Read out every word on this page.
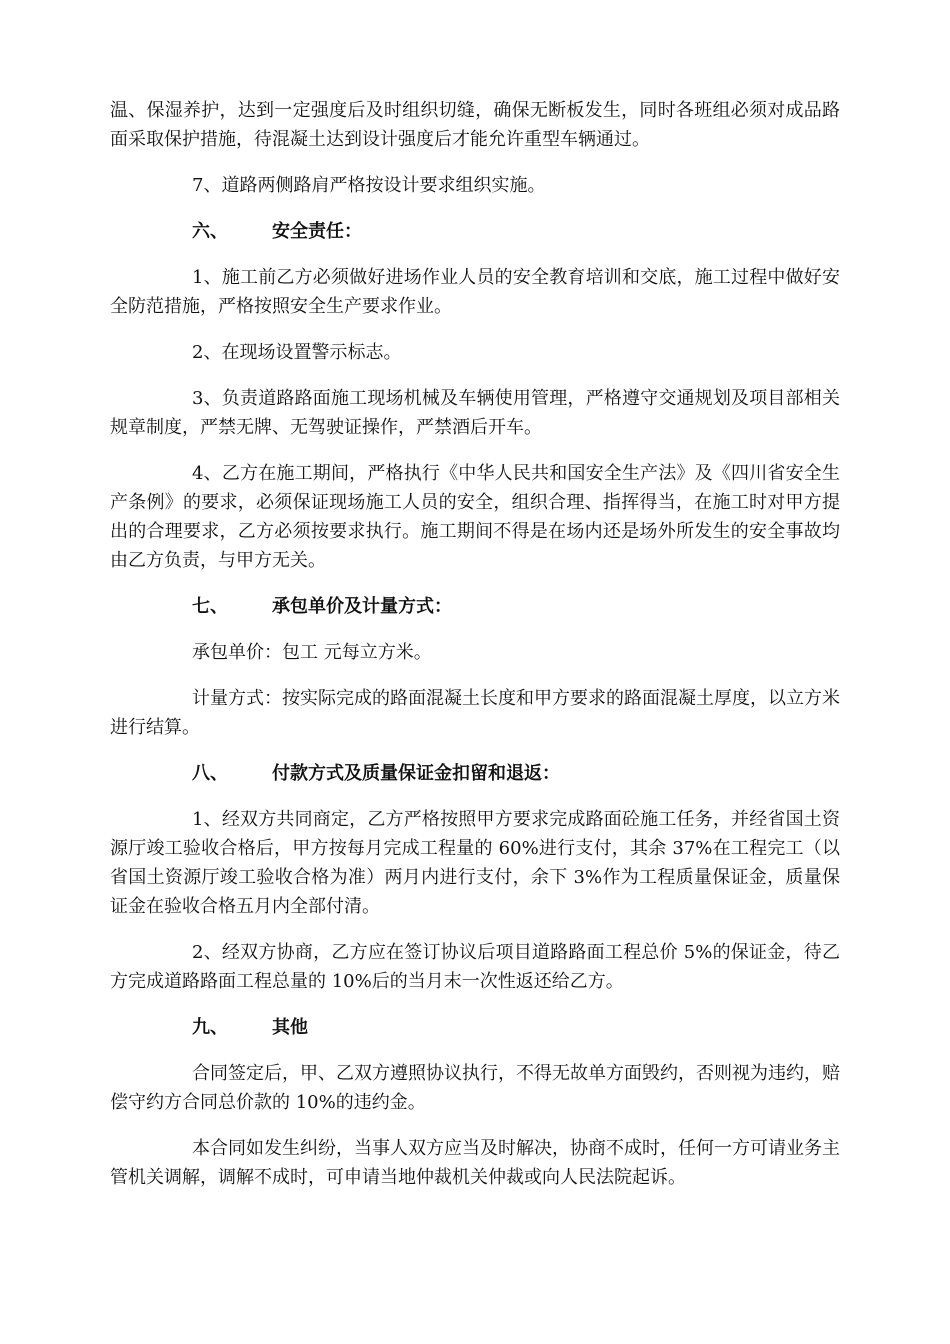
温、保湿养护，达到一定强度后及时组织切缝，确保无断板发生，同时各班组必须对成品路面采取保护措施，待混凝土达到设计强度后才能允许重型车辆通过。

7、道路两侧路肩严格按设计要求组织实施。

六、 安全责任：

1、施工前乙方必须做好进场作业人员的安全教育培训和交底，施工过程中做好安全防范措施，严格按照安全生产要求作业。

2、在现场设置警示标志。

3、负责道路路面施工现场机械及车辆使用管理，严格遵守交通规划及项目部相关规章制度，严禁无牌、无驾驶证操作，严禁酒后开车。

4、乙方在施工期间，严格执行《中华人民共和国安全生产法》及《四川省安全生产条例》的要求，必须保证现场施工人员的安全，组织合理、指挥得当，在施工时对甲方提出的合理要求，乙方必须按要求执行。施工期间不得是在场内还是场外所发生的安全事故均由乙方负责，与甲方无关。

七、 承包单价及计量方式：

承包单价：包工 元每立方米。

计量方式：按实际完成的路面混凝土长度和甲方要求的路面混凝土厚度，以立方米进行结算。

八、 付款方式及质量保证金扣留和退返：

1、经双方共同商定，乙方严格按照甲方要求完成路面砼施工任务，并经省国土资源厅竣工验收合格后，甲方按每月完成工程量的 60%进行支付，其余 37%在工程完工（以省国土资源厅竣工验收合格为准）两月内进行支付，余下 3%作为工程质量保证金，质量保证金在验收合格五月内全部付清。

2、经双方协商，乙方应在签订协议后项目道路路面工程总价 5%的保证金，待乙方完成道路路面工程总量的 10%后的当月末一次性返还给乙方。

九、 其他

合同签定后，甲、乙双方遵照协议执行，不得无故单方面毁约，否则视为违约，赔偿守约方合同总价款的 10%的违约金。

本合同如发生纠纷，当事人双方应当及时解决，协商不成时，任何一方可请业务主管机关调解，调解不成时，可申请当地仲裁机关仲裁或向人民法院起诉。
